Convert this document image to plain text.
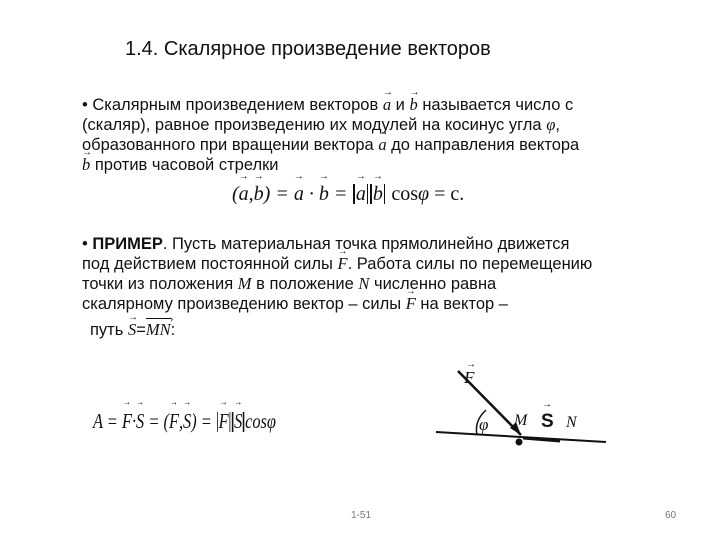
1.4. Скалярное произведение векторов
• Скалярным произведением векторов a → и b → называется число с
(скаляр), равное произведению их модулей на косинус угла φ,
образованного при вращении вектора a → до направления вектора
b → против часовой стрелки
(a →,b →) = a → · b → = a → b → cosφ = с.
• ПРИМЕР. Пусть материальная точка прямолинейно движется
под действием постоянной силы F →. Работа силы по перемещению
точки из положения M в положение N численно равна
скалярному произведению вектор – силы F → на вектор –
путь S →=MN ›:
A = F →·S → = (F →,S →) = F → S → cosφ
F
→
φ M S
→
N
1-51	60
